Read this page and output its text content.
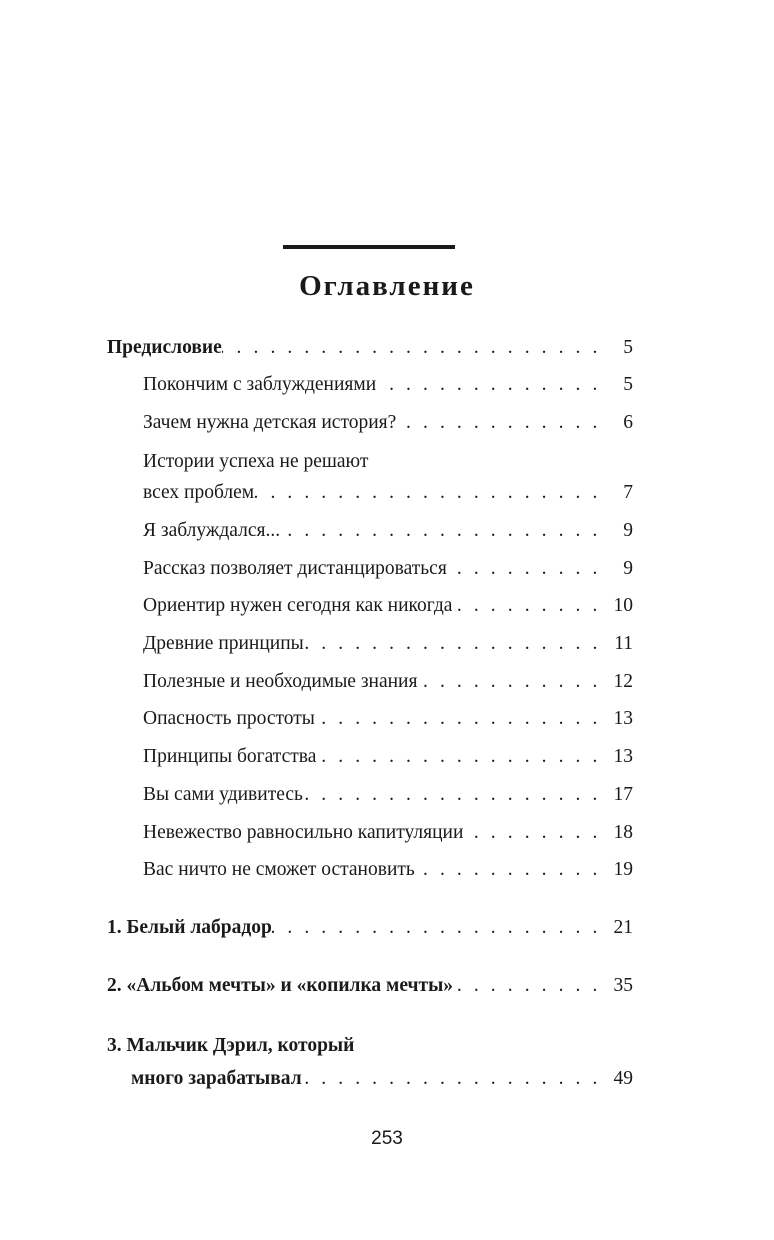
Оглавление
Предисловие . . .	5
Покончим с заблуждениями . . .	5
Зачем нужна детская история? . . .	6
Истории успеха не решают
всех проблем . . .	7
Я заблуждался... . . .	9
Рассказ позволяет дистанцироваться . . .	9
Ориентир нужен сегодня как никогда . . .	10
Древние принципы . . .	11
Полезные и необходимые знания . . .	12
Опасность простоты . . .	13
Принципы богатства . . .	13
Вы сами удивитесь . . .	17
Невежество равносильно капитуляции . . .	18
Вас ничто не сможет остановить . . .	19
1. Белый лабрадор . . .	21
2. «Альбом мечты» и «копилка мечты» . . .	35
3. Мальчик Дэрил, который
много зарабатывал . . .	49
253
